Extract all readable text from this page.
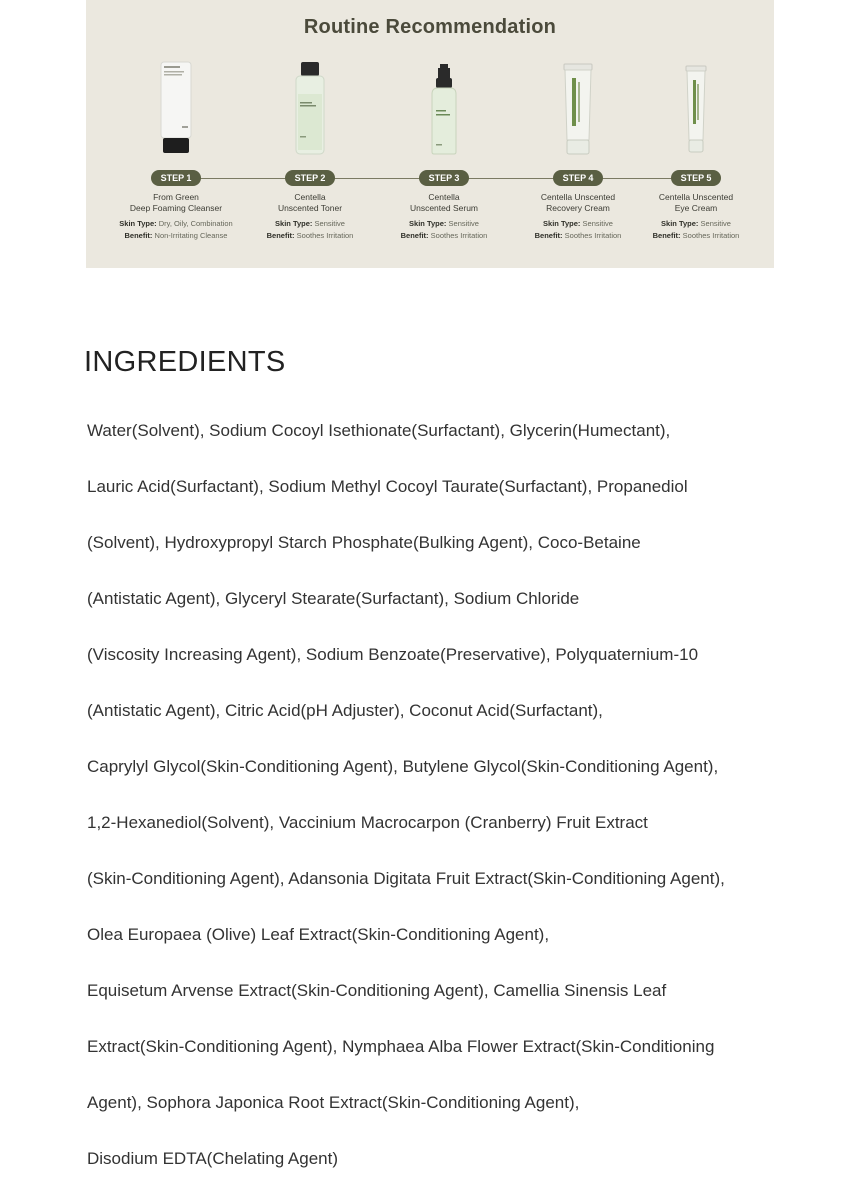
Routine Recommendation
STEP 1
From Green
Deep Foaming Cleanser
Skin Type: Dry, Oily, Combination
Benefit: Non-Irritating Cleanse
STEP 2
Centella
Unscented Toner
Skin Type: Sensitive
Benefit: Soothes Irritation
STEP 3
Centella
Unscented Serum
Skin Type: Sensitive
Benefit: Soothes Irritation
STEP 4
Centella Unscented
Recovery Cream
Skin Type: Sensitive
Benefit: Soothes Irritation
STEP 5
Centella Unscented
Eye Cream
Skin Type: Sensitive
Benefit: Soothes Irritation
INGREDIENTS

Water(Solvent), Sodium Cocoyl Isethionate(Surfactant), Glycerin(Humectant),

Lauric Acid(Surfactant), Sodium Methyl Cocoyl Taurate(Surfactant), Propanediol

(Solvent), Hydroxypropyl Starch Phosphate(Bulking Agent), Coco-Betaine

(Antistatic Agent), Glyceryl Stearate(Surfactant), Sodium Chloride

(Viscosity Increasing Agent), Sodium Benzoate(Preservative), Polyquaternium-10

(Antistatic Agent), Citric Acid(pH Adjuster), Coconut Acid(Surfactant),

Caprylyl Glycol(Skin-Conditioning Agent), Butylene Glycol(Skin-Conditioning Agent),

1,2-Hexanediol(Solvent), Vaccinium Macrocarpon (Cranberry) Fruit Extract

(Skin-Conditioning Agent), Adansonia Digitata Fruit Extract(Skin-Conditioning Agent),

Olea Europaea (Olive) Leaf Extract(Skin-Conditioning Agent),

Equisetum Arvense Extract(Skin-Conditioning Agent), Camellia Sinensis Leaf

Extract(Skin-Conditioning Agent), Nymphaea Alba Flower Extract(Skin-Conditioning

Agent), Sophora Japonica Root Extract(Skin-Conditioning Agent),

Disodium EDTA(Chelating Agent)
